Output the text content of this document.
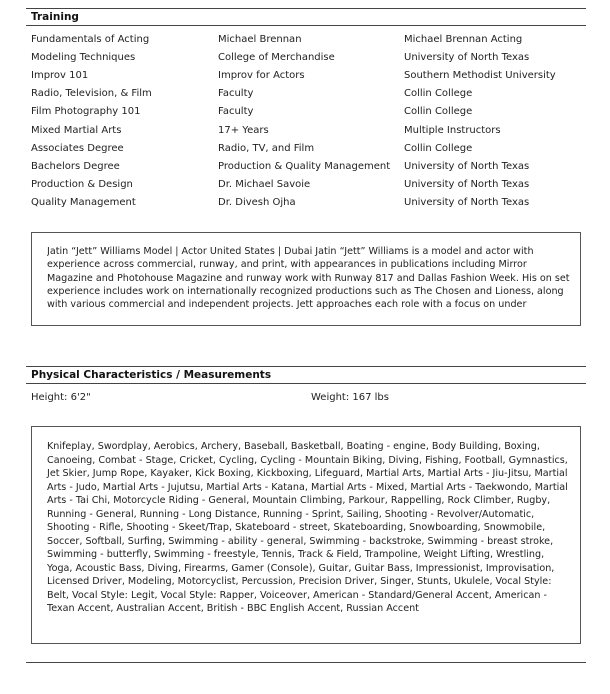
Training
Fundamentals of Acting	Michael Brennan	Michael Brennan Acting
Modeling Techniques	College of Merchandise	University of North Texas
Improv 101	Improv for Actors	Southern Methodist University
Radio, Television, & Film	Faculty	Collin College
Film Photography 101	Faculty	Collin College
Mixed Martial Arts	17+ Years	Multiple Instructors
Associates Degree	Radio, TV, and Film	Collin College
Bachelors Degree	Production & Quality Management	University of North Texas
Production & Design	Dr. Michael Savoie	University of North Texas
Quality Management	Dr. Divesh Ojha	University of North Texas
Jatin “Jett” Williams Model | Actor United States | Dubai Jatin “Jett” Williams is a model and actor with experience across commercial, runway, and print, with appearances in publications including Mirror Magazine and Photohouse Magazine and runway work with Runway 817 and Dallas Fashion Week. His on set experience includes work on internationally recognized productions such as The Chosen and Lioness, along with various commercial and independent projects. Jett approaches each role with a focus on under
Physical Characteristics / Measurements
Height: 6'2"	Weight: 167 lbs
Knifeplay, Swordplay, Aerobics, Archery, Baseball, Basketball, Boating - engine, Body Building, Boxing, Canoeing, Combat - Stage, Cricket, Cycling, Cycling - Mountain Biking, Diving, Fishing, Football, Gymnastics, Jet Skier, Jump Rope, Kayaker, Kick Boxing, Kickboxing, Lifeguard, Martial Arts, Martial Arts - Jiu-Jitsu, Martial Arts - Judo, Martial Arts - Jujutsu, Martial Arts - Katana, Martial Arts - Mixed, Martial Arts - Taekwondo, Martial Arts - Tai Chi, Motorcycle Riding - General, Mountain Climbing, Parkour, Rappelling, Rock Climber, Rugby, Running - General, Running - Long Distance, Running - Sprint, Sailing, Shooting - Revolver/Automatic, Shooting - Rifle, Shooting - Skeet/Trap, Skateboard - street, Skateboarding, Snowboarding, Snowmobile, Soccer, Softball, Surfing, Swimming - ability - general, Swimming - backstroke, Swimming - breast stroke, Swimming - butterfly, Swimming - freestyle, Tennis, Track & Field, Trampoline, Weight Lifting, Wrestling, Yoga, Acoustic Bass, Diving, Firearms, Gamer (Console), Guitar, Guitar Bass, Impressionist, Improvisation, Licensed Driver, Modeling, Motorcyclist, Percussion, Precision Driver, Singer, Stunts, Ukulele, Vocal Style: Belt, Vocal Style: Legit, Vocal Style: Rapper, Voiceover, American - Standard/General Accent, American - Texan Accent, Australian Accent, British - BBC English Accent, Russian Accent
